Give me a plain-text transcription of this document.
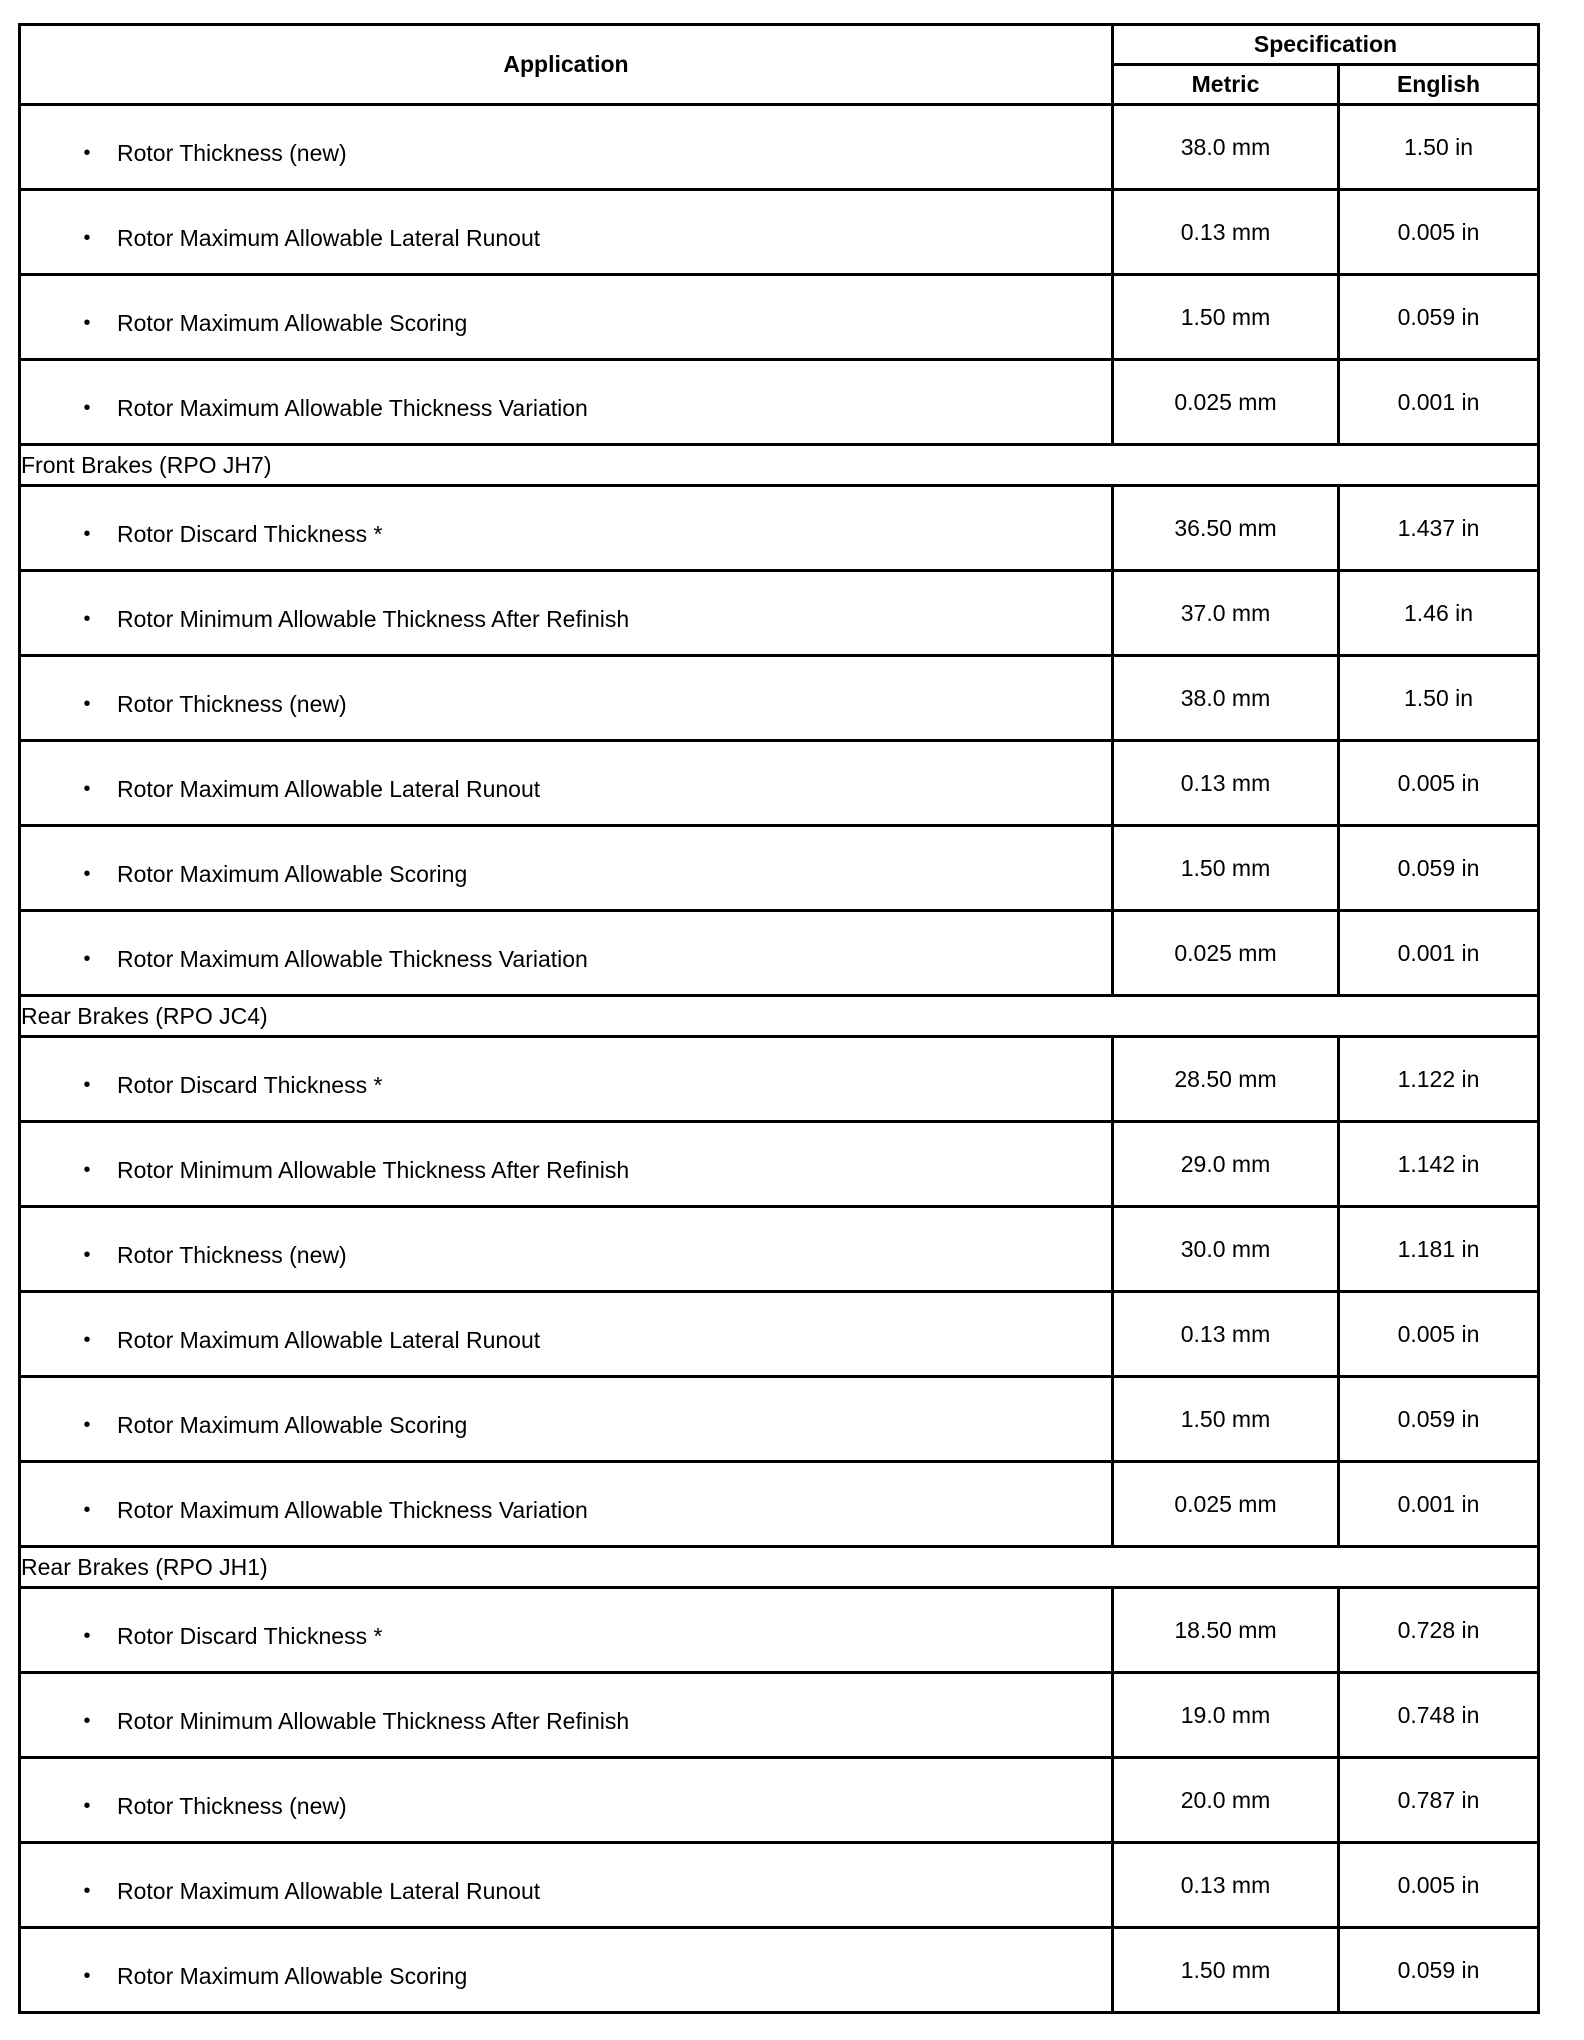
Application	Specification	
	Metric	English

• Rotor Thickness (new)	38.0 mm	1.50 in

• Rotor Maximum Allowable Lateral Runout	0.13 mm	0.005 in

• Rotor Maximum Allowable Scoring	1.50 mm	0.059 in

• Rotor Maximum Allowable Thickness Variation	0.025 mm	0.001 in
Front Brakes (RPO JH7)		

• Rotor Discard Thickness *	36.50 mm	1.437 in

• Rotor Minimum Allowable Thickness After Refinish	37.0 mm	1.46 in

• Rotor Thickness (new)	38.0 mm	1.50 in

• Rotor Maximum Allowable Lateral Runout	0.13 mm	0.005 in

• Rotor Maximum Allowable Scoring	1.50 mm	0.059 in

• Rotor Maximum Allowable Thickness Variation	0.025 mm	0.001 in
Rear Brakes (RPO JC4)		

• Rotor Discard Thickness *	28.50 mm	1.122 in

• Rotor Minimum Allowable Thickness After Refinish	29.0 mm	1.142 in

• Rotor Thickness (new)	30.0 mm	1.181 in

• Rotor Maximum Allowable Lateral Runout	0.13 mm	0.005 in

• Rotor Maximum Allowable Scoring	1.50 mm	0.059 in

• Rotor Maximum Allowable Thickness Variation	0.025 mm	0.001 in
Rear Brakes (RPO JH1)		

• Rotor Discard Thickness *	18.50 mm	0.728 in

• Rotor Minimum Allowable Thickness After Refinish	19.0 mm	0.748 in

• Rotor Thickness (new)	20.0 mm	0.787 in

• Rotor Maximum Allowable Lateral Runout	0.13 mm	0.005 in

• Rotor Maximum Allowable Scoring	1.50 mm	0.059 in
